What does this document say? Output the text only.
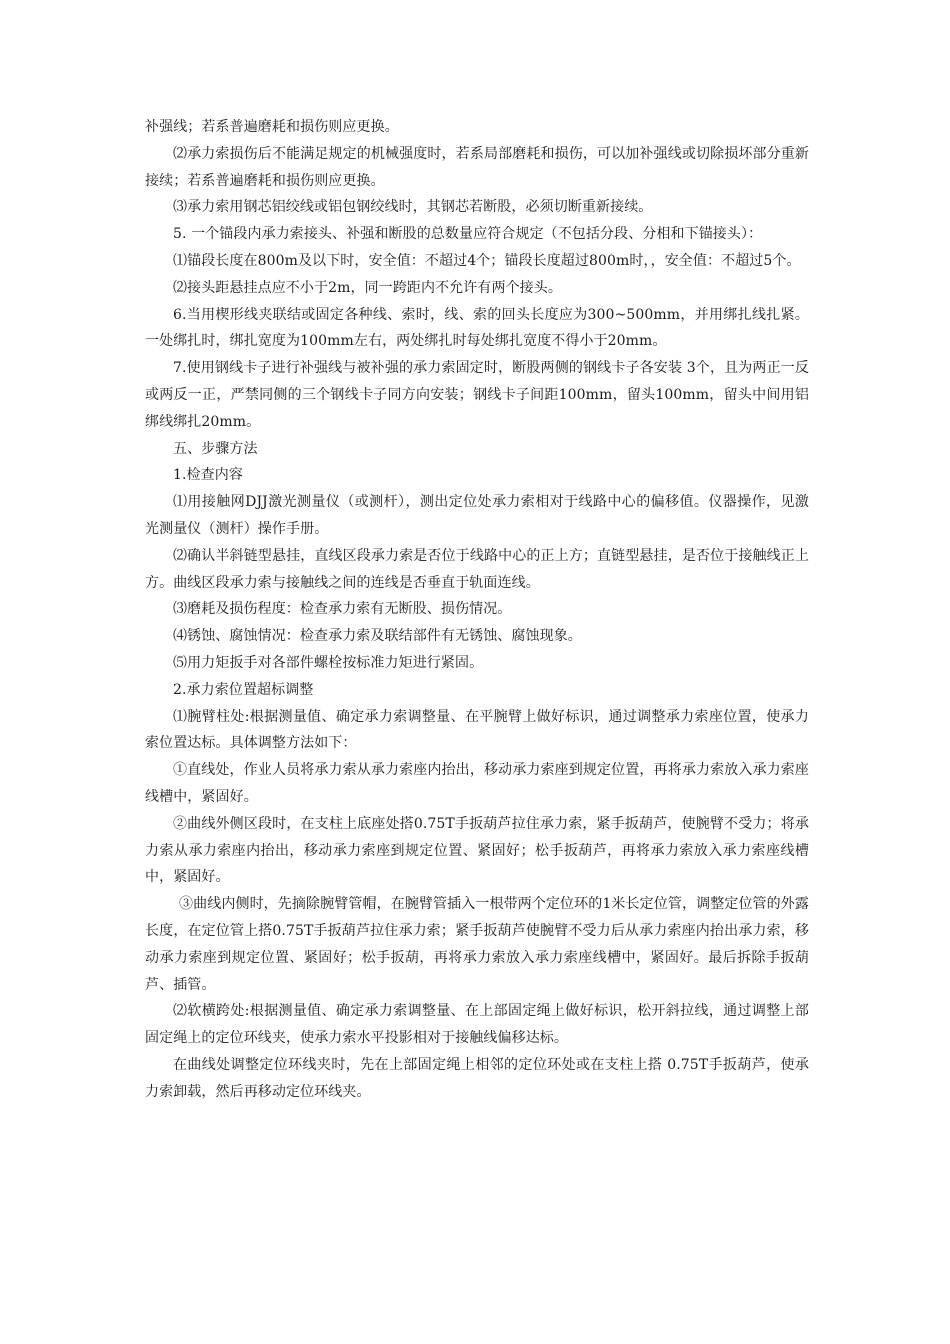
补强线；若系普遍磨耗和损伤则应更换。

⑵承力索损伤后不能满足规定的机械强度时，若系局部磨耗和损伤，可以加补强线或切除损坏部分重新接续；若系普遍磨耗和损伤则应更换。

⑶承力索用钢芯铝绞线或铝包钢绞线时，其钢芯若断股，必须切断重新接续。

5. 一个锚段内承力索接头、补强和断股的总数量应符合规定（不包括分段、分相和下锚接头）：

⑴锚段长度在800m及以下时，安全值：不超过4个；锚段长度超过800m时，，安全值：不超过5个。

⑵接头距悬挂点应不小于2m，同一跨距内不允许有两个接头。

6.当用楔形线夹联结或固定各种线、索时，线、索的回头长度应为300~500mm，并用绑扎线扎紧。一处绑扎时，绑扎宽度为100mm左右，两处绑扎时每处绑扎宽度不得小于20mm。

7.使用钢线卡子进行补强线与被补强的承力索固定时，断股两侧的钢线卡子各安装 3个，且为两正一反或两反一正，严禁同侧的三个钢线卡子同方向安装；钢线卡子间距100mm，留头100mm，留头中间用铝绑线绑扎20mm。

五、步骤方法

1.检查内容

⑴用接触网DJJ激光测量仪（或测杆），测出定位处承力索相对于线路中心的偏移值。仪器操作，见激光测量仪（测杆）操作手册。

⑵确认半斜链型悬挂，直线区段承力索是否位于线路中心的正上方；直链型悬挂，是否位于接触线正上方。曲线区段承力索与接触线之间的连线是否垂直于轨面连线。

⑶磨耗及损伤程度：检查承力索有无断股、损伤情况。

⑷锈蚀、腐蚀情况：检查承力索及联结部件有无锈蚀、腐蚀现象。

⑸用力矩扳手对各部件螺栓按标准力矩进行紧固。

2.承力索位置超标调整

⑴腕臂柱处:根据测量值、确定承力索调整量、在平腕臂上做好标识，通过调整承力索座位置，使承力索位置达标。具体调整方法如下：

①直线处，作业人员将承力索从承力索座内抬出，移动承力索座到规定位置，再将承力索放入承力索座线槽中，紧固好。

②曲线外侧区段时，在支柱上底座处搭0.75T手扳葫芦拉住承力索，紧手扳葫芦，使腕臂不受力；将承力索从承力索座内抬出，移动承力索座到规定位置、紧固好；松手扳葫芦，再将承力索放入承力索座线槽中，紧固好。

③曲线内侧时，先摘除腕臂管帽，在腕臂管插入一根带两个定位环的1米长定位管，调整定位管的外露长度，在定位管上搭0.75T手扳葫芦拉住承力索；紧手扳葫芦使腕臂不受力后从承力索座内抬出承力索，移动承力索座到规定位置、紧固好；松手扳葫，再将承力索放入承力索座线槽中，紧固好。最后拆除手扳葫芦、插管。

⑵软横跨处:根据测量值、确定承力索调整量、在上部固定绳上做好标识，松开斜拉线，通过调整上部固定绳上的定位环线夹，使承力索水平投影相对于接触线偏移达标。

在曲线处调整定位环线夹时，先在上部固定绳上相邻的定位环处或在支柱上搭 0.75T手扳葫芦，使承力索卸载，然后再移动定位环线夹。
